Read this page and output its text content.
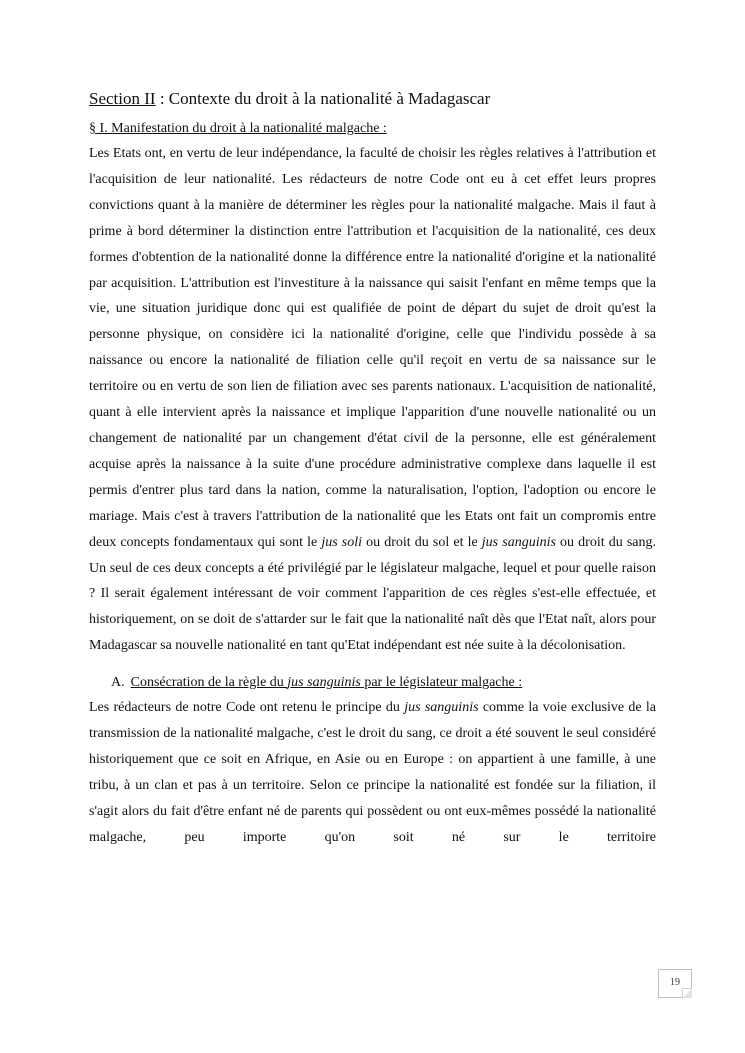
Section II : Contexte du droit à la nationalité à Madagascar
§ I. Manifestation du droit à la nationalité malgache :

Les Etats ont, en vertu de leur indépendance, la faculté de choisir les règles relatives à l'attribution et l'acquisition de leur nationalité. Les rédacteurs de notre Code ont eu à cet effet leurs propres convictions quant à la manière de déterminer les règles pour la nationalité malgache. Mais il faut à prime à bord déterminer la distinction entre l'attribution et l'acquisition de la nationalité, ces deux formes d'obtention de la nationalité donne la différence entre la nationalité d'origine et la nationalité par acquisition. L'attribution est l'investiture à la naissance qui saisit l'enfant en même temps que la vie, une situation juridique donc qui est qualifiée de point de départ du sujet de droit qu'est la personne physique, on considère ici la nationalité d'origine, celle que l'individu possède à sa naissance ou encore la nationalité de filiation celle qu'il reçoit en vertu de sa naissance sur le territoire ou en vertu de son lien de filiation avec ses parents nationaux. L'acquisition de nationalité, quant à elle intervient après la naissance et implique l'apparition d'une nouvelle nationalité ou un changement de nationalité par un changement d'état civil de la personne, elle est généralement acquise après la naissance à la suite d'une procédure administrative complexe dans laquelle il est permis d'entrer plus tard dans la nation, comme la naturalisation, l'option, l'adoption ou encore le mariage. Mais c'est à travers l'attribution de la nationalité que les Etats ont fait un compromis entre deux concepts fondamentaux qui sont le jus soli ou droit du sol et le jus sanguinis ou droit du sang. Un seul de ces deux concepts a été privilégié par le législateur malgache, lequel et pour quelle raison ? Il serait également intéressant de voir comment l'apparition de ces règles s'est-elle effectuée, et historiquement, on se doit de s'attarder sur le fait que la nationalité naît dès que l'Etat naît, alors pour Madagascar sa nouvelle nationalité en tant qu'Etat indépendant est née suite à la décolonisation.

A. Consécration de la règle du jus sanguinis par le législateur malgache :

Les rédacteurs de notre Code ont retenu le principe du jus sanguinis comme la voie exclusive de la transmission de la nationalité malgache, c'est le droit du sang, ce droit a été souvent le seul considéré historiquement que ce soit en Afrique, en Asie ou en Europe : on appartient à une famille, à une tribu, à un clan et pas à un territoire. Selon ce principe la nationalité est fondée sur la filiation, il s'agit alors du fait d'être enfant né de parents qui possèdent ou ont eux-mêmes possédé la nationalité malgache, peu importe qu'on soit né sur le territoire

19
